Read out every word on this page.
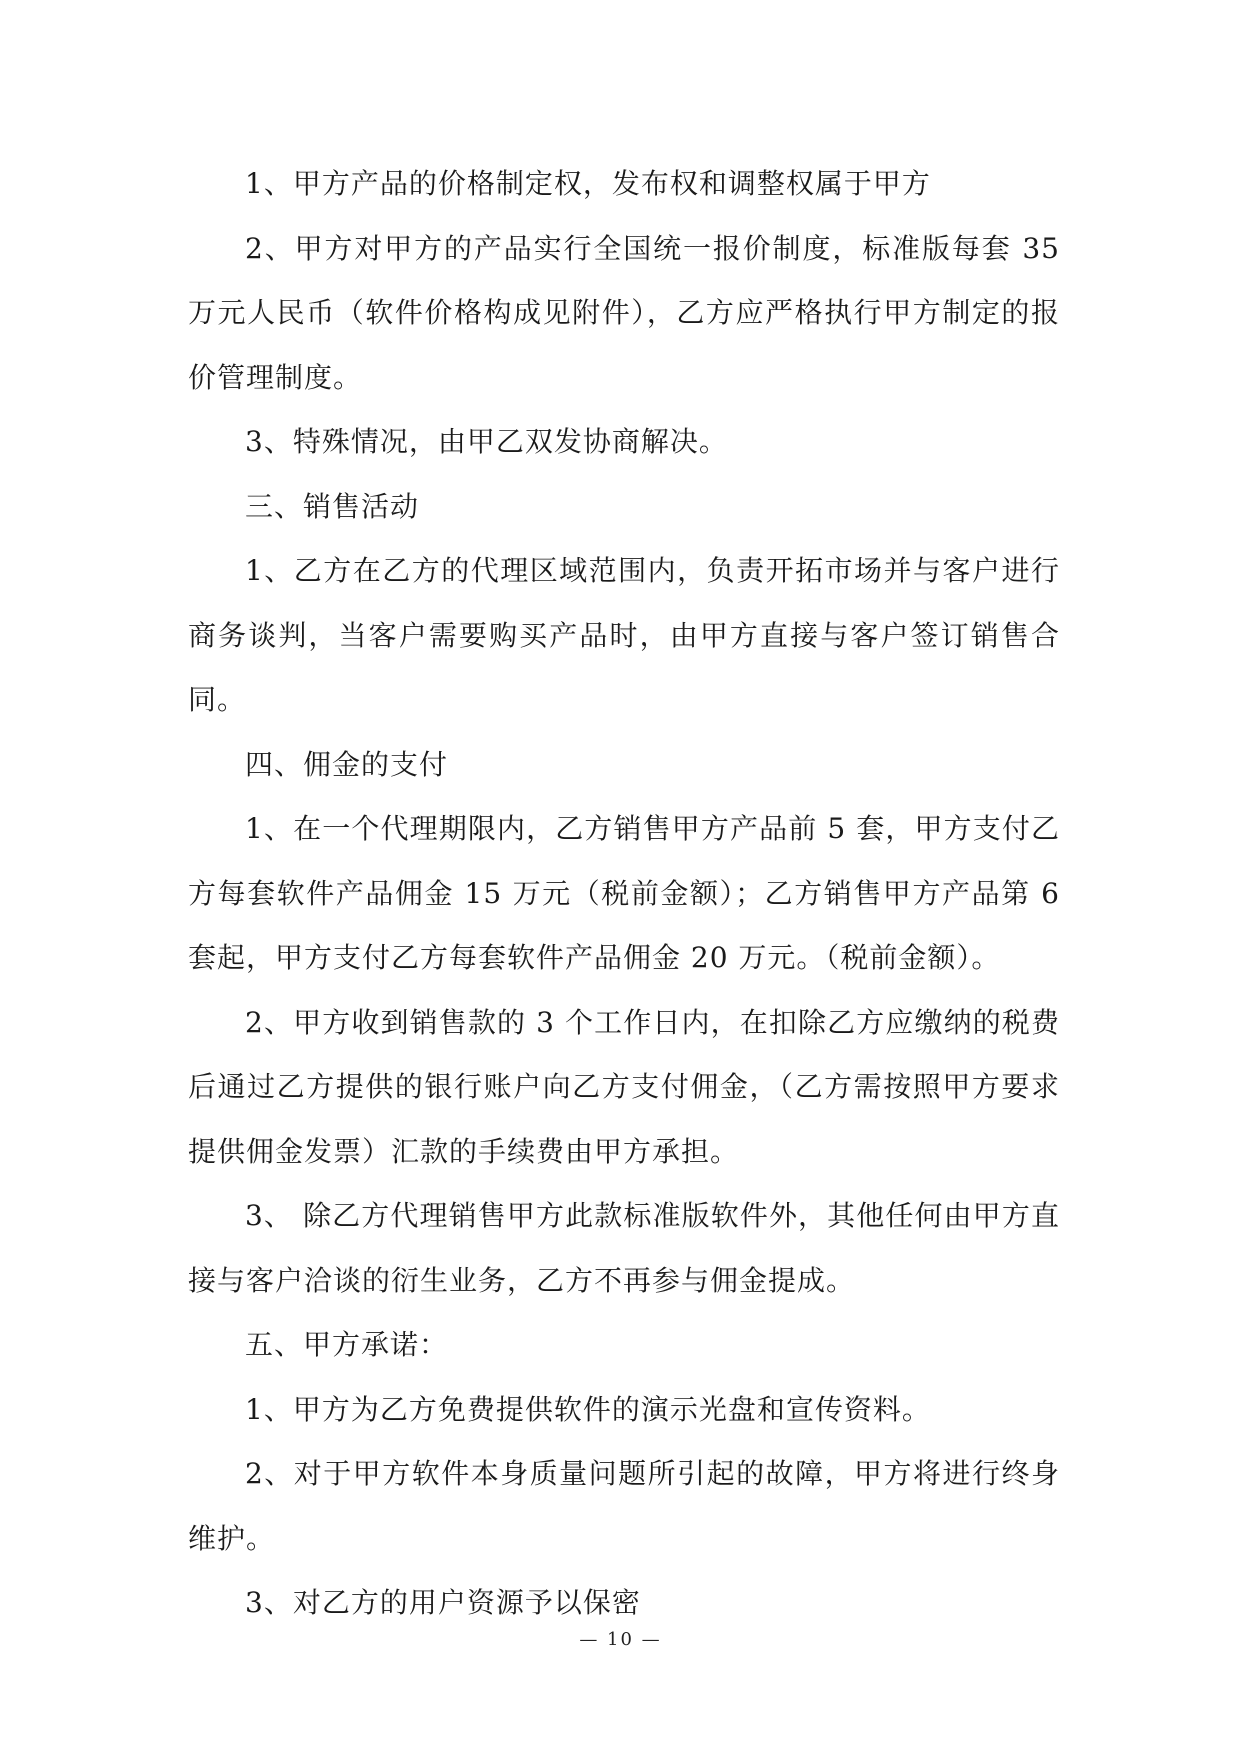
1、甲方产品的价格制定权，发布权和调整权属于甲方

2、甲方对甲方的产品实行全国统一报价制度，标准版每套 35 万元人民币（软件价格构成见附件），乙方应严格执行甲方制定的报价管理制度。

3、特殊情况，由甲乙双发协商解决。

三、销售活动

1、乙方在乙方的代理区域范围内，负责开拓市场并与客户进行商务谈判，当客户需要购买产品时，由甲方直接与客户签订销售合同。

四、佣金的支付

1、在一个代理期限内，乙方销售甲方产品前 5 套，甲方支付乙方每套软件产品佣金 15 万元（税前金额）；乙方销售甲方产品第 6 套起，甲方支付乙方每套软件产品佣金 20 万元。（税前金额）。

2、甲方收到销售款的 3 个工作日内，在扣除乙方应缴纳的税费后通过乙方提供的银行账户向乙方支付佣金，（乙方需按照甲方要求提供佣金发票）汇款的手续费由甲方承担。

3、 除乙方代理销售甲方此款标准版软件外，其他任何由甲方直接与客户洽谈的衍生业务，乙方不再参与佣金提成。

五、甲方承诺：

1、甲方为乙方免费提供软件的演示光盘和宣传资料。

2、对于甲方软件本身质量问题所引起的故障，甲方将进行终身维护。

3、对乙方的用户资源予以保密

— 10 —
